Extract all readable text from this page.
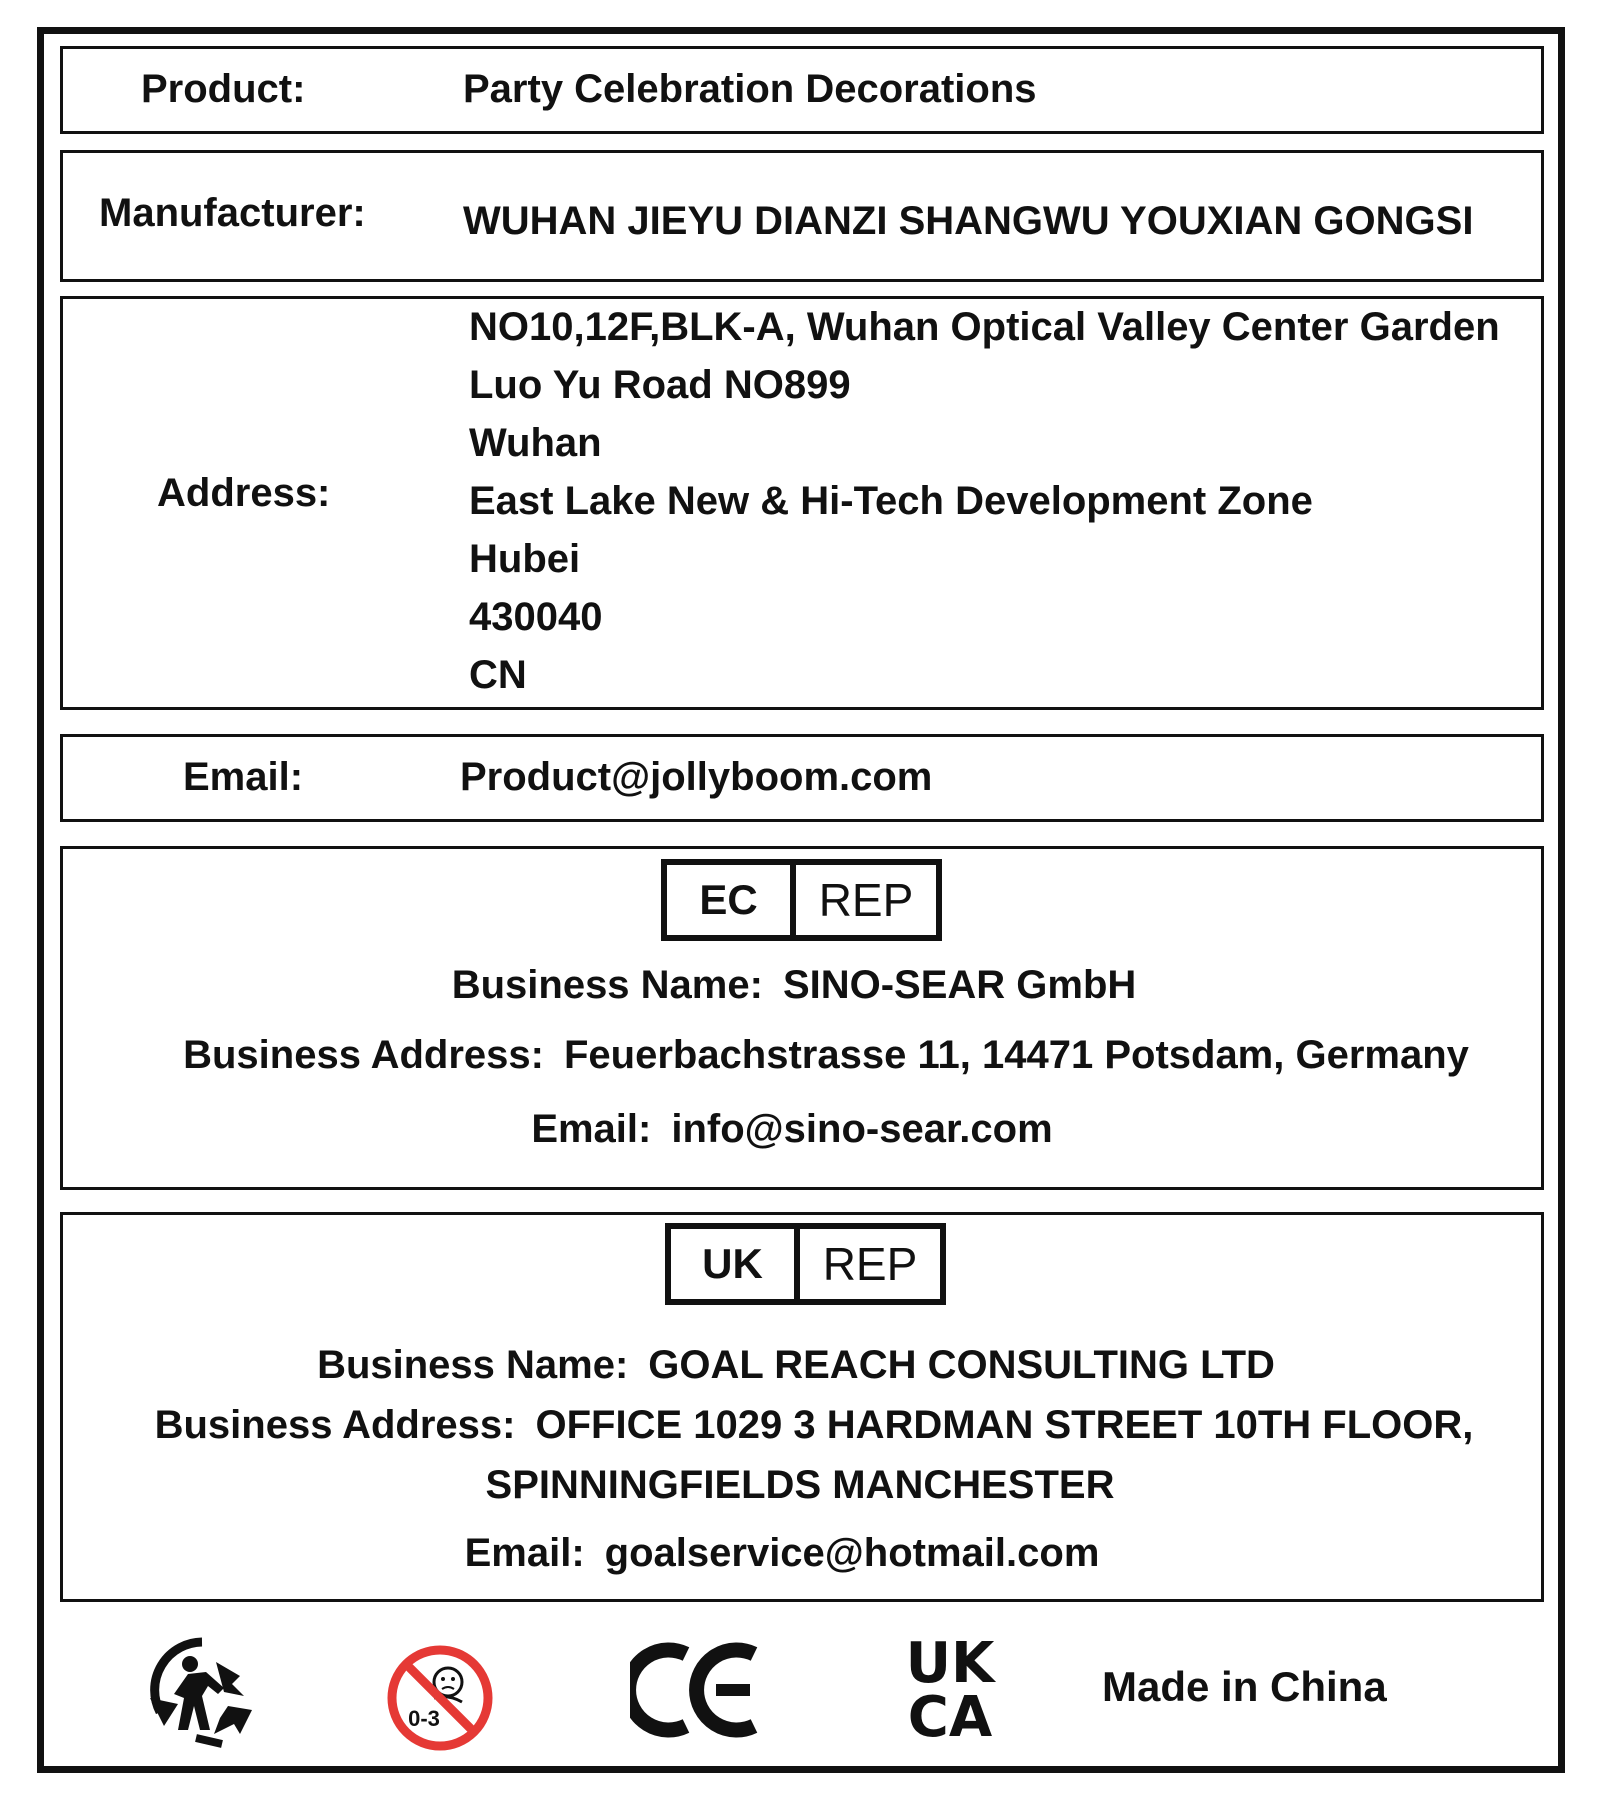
Product:	Party Celebration Decorations
Manufacturer: WUHAN JIEYU DIANZI SHANGWU YOUXIAN GONGSI
Address:
NO10,12F,BLK-A, Wuhan Optical Valley Center Garden
Luo Yu Road NO899
Wuhan
East Lake New & Hi-Tech Development Zone
Hubei
430040
CN
Email:	Product@jollyboom.com
EC	REP
Business Name: SINO-SEAR GmbH
Business Address: Feuerbachstrasse 11, 14471 Potsdam, Germany
Email: info@sino-sear.com
UK	REP
Business Name: GOAL REACH CONSULTING LTD
Business Address: OFFICE 1029 3 HARDMAN STREET 10TH FLOOR,
SPINNINGFIELDS MANCHESTER
Email: goalservice@hotmail.com
0-3
UK
CA	Made in China
